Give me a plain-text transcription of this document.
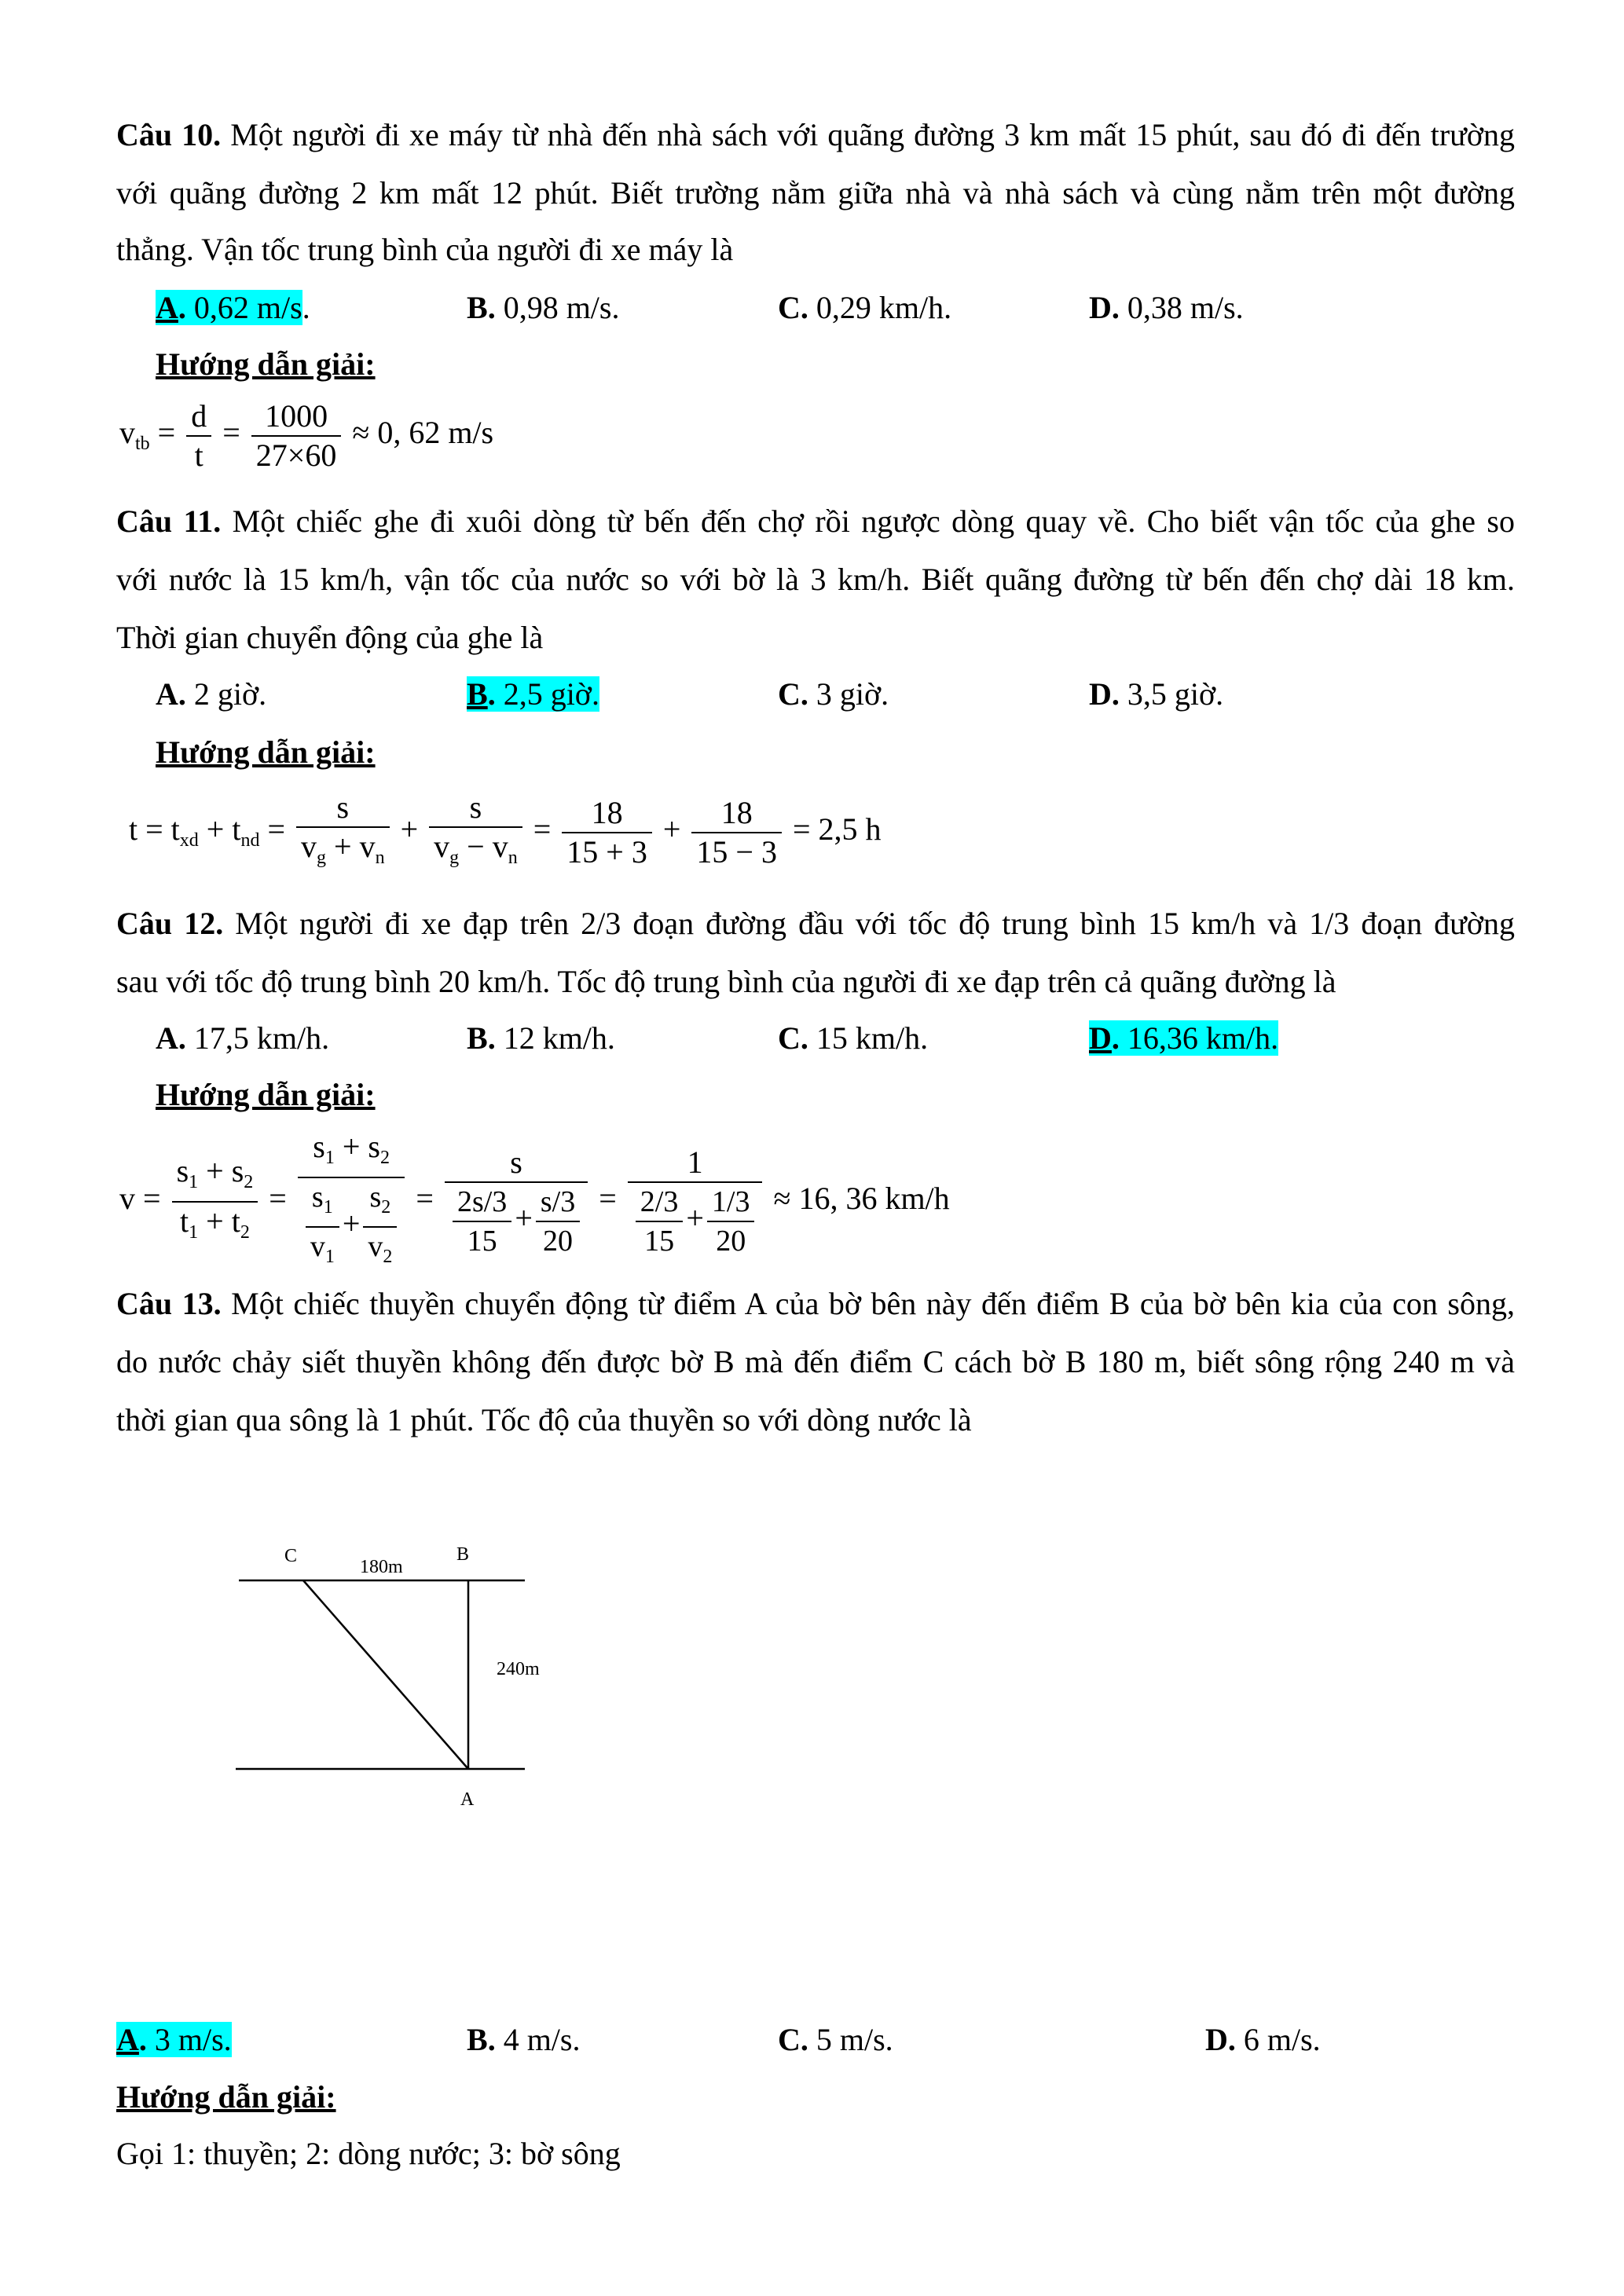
Câu 10. Một người đi xe máy từ nhà đến nhà sách với quãng đường 3 km mất 15 phút, sau đó đi đến trường
với quãng đường 2 km mất 12 phút. Biết trường nằm giữa nhà và nhà sách và cùng nằm trên một đường
thẳng. Vận tốc trung bình của người đi xe máy là
A. 0,62 m/s.	B. 0,98 m/s.	C. 0,29 km/h.	D. 0,38 m/s.
Hướng dẫn giải:
$v_{tb} = \frac{d}{t} = \frac{1000}{27\times 60} \approx 0$, 62 m/s
Câu 11. Một chiếc ghe đi xuôi dòng từ bến đến chợ rồi ngược dòng quay về. Cho biết vận tốc của ghe so
với nước là 15 km/h, vận tốc của nước so với bờ là 3 km/h. Biết quãng đường từ bến đến chợ dài 18 km.
Thời gian chuyển động của ghe là
A. 2 giờ.	B. 2,5 giờ.	C. 3 giờ.	D. 3,5 giờ.
Hướng dẫn giải:
$t = t_{xd} + t_{nd} = \frac{s}{v_g + v_n} + \frac{s}{v_g - v_n} = \frac{18}{15 + 3} + \frac{18}{15 - 3} = 2,5$ h
Câu 12. Một người đi xe đạp trên 2/3 đoạn đường đầu với tốc độ trung bình 15 km/h và 1/3 đoạn đường
sau với tốc độ trung bình 20 km/h. Tốc độ trung bình của người đi xe đạp trên cả quãng đường là
A. 17,5 km/h.	B. 12 km/h.	C. 15 km/h.	D. 16,36 km/h.
Hướng dẫn giải:
$v = \frac{s_1 + s_2}{t_1 + t_2} = \frac{s_1 + s_2}{\frac{s_1}{v_1} + \frac{s_2}{v_2}} = \frac{s}{\frac{2s/3}{15} + \frac{s/3}{20}} = \frac{1}{\frac{2/3}{15} + \frac{1/3}{20}} \approx 16$, 36 km/h
Câu 13. Một chiếc thuyền chuyển động từ điểm A của bờ bên này đến điểm B của bờ bên kia của con sông,
do nước chảy siết thuyền không đến được bờ B mà đến điểm C cách bờ B 180 m, biết sông rộng 240 m và
thời gian qua sông là 1 phút. Tốc độ của thuyền so với dòng nước là
C	B
A
180m
240m
A. 3 m/s.	B. 4 m/s.	C. 5 m/s.	D. 6 m/s.
Hướng dẫn giải:
Gọi 1: thuyền; 2: dòng nước; 3: bờ sông
